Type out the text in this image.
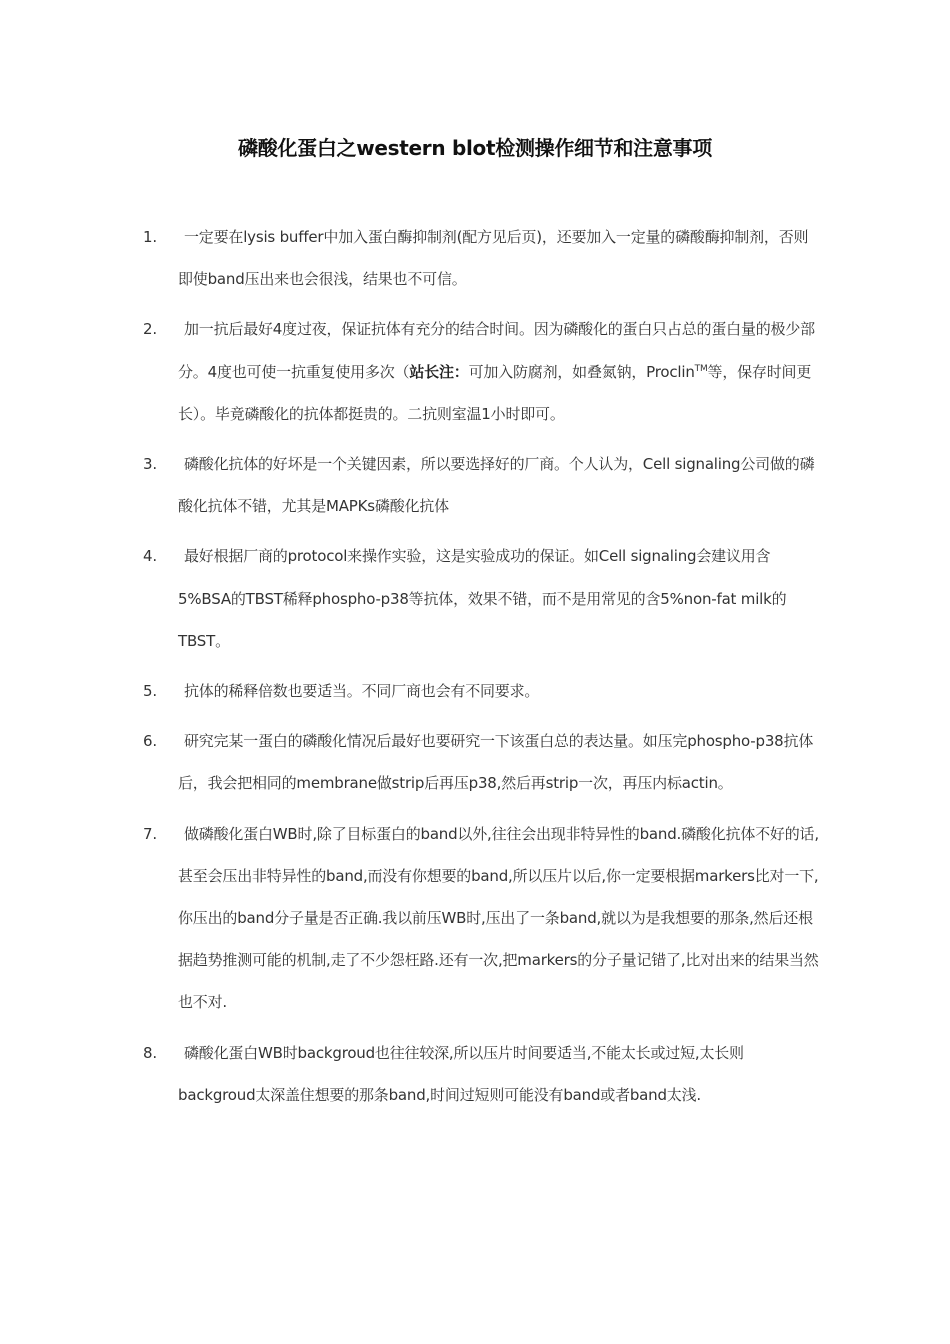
磷酸化蛋白之western blot检测操作细节和注意事项
1.	一定要在lysis buffer中加入蛋白酶抑制剂(配方见后页)，还要加入一定量的磷酸酶抑制剂，否则即使band压出来也会很浅，结果也不可信。
2.	加一抗后最好4度过夜，保证抗体有充分的结合时间。因为磷酸化的蛋白只占总的蛋白量的极少部分。4度也可使一抗重复使用多次（站长注：可加入防腐剂，如叠氮钠，Proclin™等，保存时间更长）。毕竟磷酸化的抗体都挺贵的。二抗则室温1小时即可。
3.	磷酸化抗体的好坏是一个关键因素，所以要选择好的厂商。个人认为，Cell signaling公司做的磷酸化抗体不错，尤其是MAPKs磷酸化抗体
4.	最好根据厂商的protocol来操作实验，这是实验成功的保证。如Cell signaling会建议用含5%BSA的TBST稀释phospho-p38等抗体，效果不错，而不是用常见的含5%non-fat milk的TBST。
5.	抗体的稀释倍数也要适当。不同厂商也会有不同要求。
6.	研究完某一蛋白的磷酸化情况后最好也要研究一下该蛋白总的表达量。如压完phospho-p38抗体后，我会把相同的membrane做strip后再压p38,然后再strip一次，再压内标actin。
7.	做磷酸化蛋白WB时,除了目标蛋白的band以外,往往会出现非特异性的band.磷酸化抗体不好的话,甚至会压出非特异性的band,而没有你想要的band,所以压片以后,你一定要根据markers比对一下,你压出的band分子量是否正确.我以前压WB时,压出了一条band,就以为是我想要的那条,然后还根据趋势推测可能的机制,走了不少怨枉路.还有一次,把markers的分子量记错了,比对出来的结果当然也不对.
8.	磷酸化蛋白WB时backgroud也往往较深,所以压片时间要适当,不能太长或过短,太长则backgroud太深盖住想要的那条band,时间过短则可能没有band或者band太浅.
